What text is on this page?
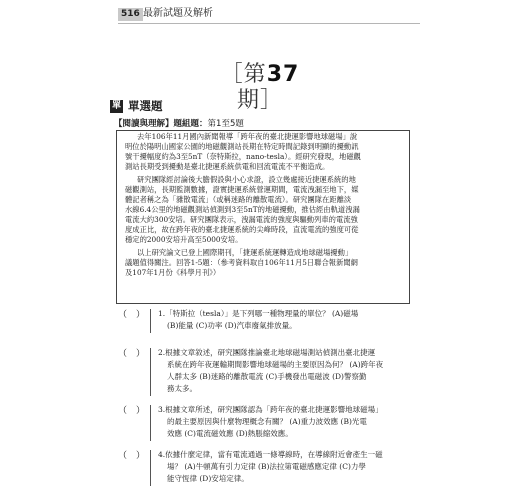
516 最新試題及解析
［第37期］
單 單選題
【閱讀與理解】題組題：第1至5題
去年106年11月國內新聞報導「跨年夜的臺北捷運影響地球磁場」說
明位於陽明山國家公園的地磁觀測站長期在特定時間記錄到明顯的擾動訊
號干擾幅度約為3至5nT（奈特斯拉，nano-tesla）。經研究發現，地磁觀
測站長期受到擾動是臺北捷運系統供電和回流電流不平衡造成。
研究團隊經討論後大膽假設與小心求證，設立幾處接近捷運系統的地
磁觀測站，長期監測數據，證實捷運系統營運期間，電流洩漏至地下，媒
體記者稱之為「雜散電流」（或稱迷路的離散電流）。研究團隊在距離淡
水線6.4公里的地磁觀測站偵測到3至5nT的地磁擾動，推估經由軌道洩漏
電流大約300安培。研究團隊表示，洩漏電流的強度與驅動列車的電流強
度成正比，故在跨年夜的臺北捷運系統的尖峰時段，直流電流的強度可從
穩定的2000安培升高至5000安培。
以上研究論文已登上國際期刊，「捷運系統運轉造成地球磁場擾動」
議題值得關注。回答1-5題：（參考資料取自106年11月5日聯合報新聞網
及107年1月份《科學月刊》）
（ ） 1.「特斯拉（tesla）」是下列哪一種物理量的單位？ (A)磁場
(B)能量 (C)功率 (D)汽車廢氣排放量。
（ ） 2.根據文章敘述，研究團隊推論臺北地球磁場測站偵測出臺北捷運
系統在跨年夜運輸期間影響地球磁場的主要原因為何？ (A)跨年夜
人群太多 (B)迷路的離散電流 (C)手機發出電磁波 (D)警察勤
務太多。
（ ） 3.根據文章所述，研究團隊認為「跨年夜的臺北捷運影響地球磁場」
的最主要原因與什麼物理概念有關？ (A)重力波效應 (B)光電
效應 (C)電流磁效應 (D)熱脹縮效應。
（ ） 4.依據什麼定律，當有電流通過一條導線時，在導線附近會產生一磁
場？ (A)牛頓萬有引力定律 (B)法拉第電磁感應定律 (C)力學
能守恆律 (D)安培定律。
